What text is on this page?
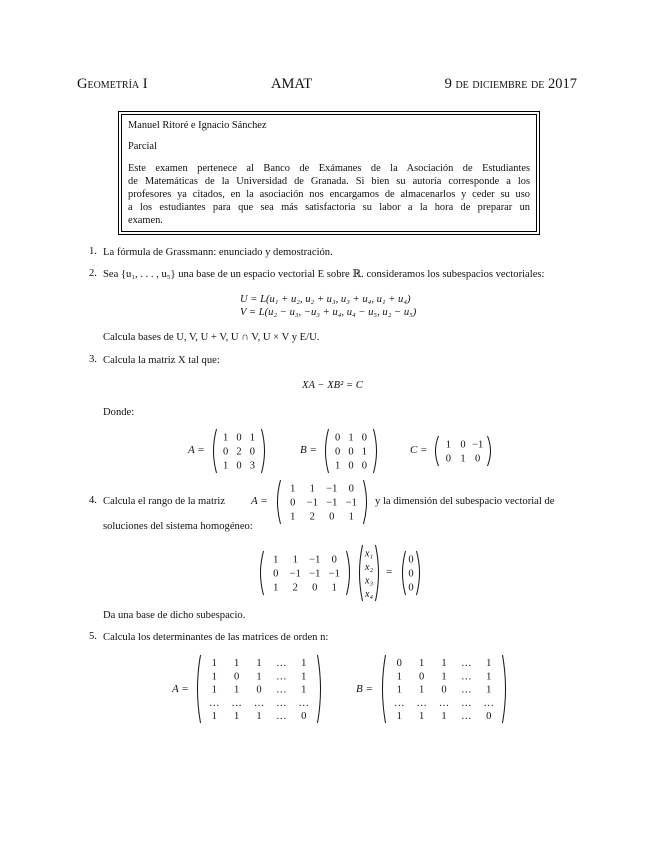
Geometría I	AMAT	9 de diciembre de 2017

Manuel Ritoré e Ignacio Sánchez

Parcial

Este examen pertenece al Banco de Exámanes de la Asociación de Estudiantes

de Matemáticas de la Universidad de Granada. Si bien su autoría corresponde a los

profesores ya citados, en la asociación nos encargamos de almacenarlos y ceder su uso

a los estudiantes para que sea más satisfactoria su labor a la hora de preparar un

examen.

1. La fórmula de Grassmann: enunciado y demostración.
2. Sea {u₁, . . . , u₅} una base de un espacio vectorial E sobre ℝ. consideramos los subespacios vectoriales:
U = L(u₁ + u₂, u₂ + u₃, u₃ + u₄, u₁ + u₄)
V = L(u₂ − u₃, −u₃ + u₄, u₄ − u₅, u₂ − u₅)
Calcula bases de U, V, U + V, U ∩ V, U × V y E/U.
3. Calcula la matriz X tal que:
XA − XB² = C
Donde:
A =
1 0 1
0 2 0
1 0 3
B =
0 1 0
0 0 1
1 0 0
C = 1 0 −1
0 1 0
4. Calcula el rango de la matriz A =
1 1 −1 0
0 −1 −1 −1
1 2 0 1
y la dimensión del subespacio vectorial de
soluciones del sistema homogéneo:
1 1 −1 0
0 −1 −1 −1
1 2 0 1
x₁
x₂
x₃
x₄
=
0
0
0
Da una base de dicho subespacio.
5. Calcula los determinantes de las matrices de orden n:
A =
1 1 1 … 1
1 0 1 … 1
1 1 0 … 1
… … … … …
1 1 1 … 0
B =
0 1 1 … 1
1 0 1 … 1
1 1 0 … 1
… … … … …
1 1 1 … 0
